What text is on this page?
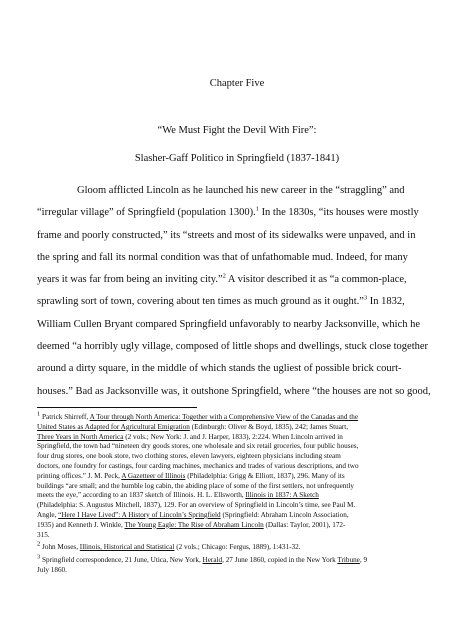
Chapter Five
“We Must Fight the Devil With Fire”:
Slasher-Gaff Politico in Springfield (1837-1841)
Gloom afflicted Lincoln as he launched his new career in the “straggling” and
“irregular village” of Springfield (population 1300).$^1$ In the 1830s, “its houses were mostly
frame and poorly constructed,” its “streets and most of its sidewalks were unpaved, and in
the spring and fall its normal condition was that of unfathomable mud. Indeed, for many
years it was far from being an inviting city.”$^2$ A visitor described it as “a common-place,
sprawling sort of town, covering about ten times as much ground as it ought.”$^3$ In 1832,
William Cullen Bryant compared Springfield unfavorably to nearby Jacksonville, which he
deemed “a horribly ugly village, composed of little shops and dwellings, stuck close together
around a dirty square, in the middle of which stands the ugliest of possible brick court-
houses.” Bad as Jacksonville was, it outshone Springfield, where “the houses are not so good,
$^1$ Patrick Shirreff, A Tour through North America: Together with a Comprehensive View of the Canadas and the
United States as Adapted for Agricultural Emigration (Edinburgh: Oliver & Boyd, 1835), 242; James Stuart,
Three Years in North America (2 vols.; New York: J. and J. Harper, 1833), 2:224. When Lincoln arrived in
Springfield, the town had “nineteen dry goods stores, one wholesale and six retail groceries, four public houses,
four drug stores, one book store, two clothing stores, eleven lawyers, eighteen physicians including steam
doctors, one foundry for castings, four carding machines, mechanics and trades of various descriptions, and two
printing offices.” J. M. Peck, A Gazetteer of Illinois (Philadelphia: Grigg & Elliott, 1837), 296. Many of its
buildings “are small; and the humble log cabin, the abiding place of some of the first settlers, not unfrequently
meets the eye,” according to an 1837 sketch of Illinois. H. L. Ellsworth, Illinois in 1837: A Sketch
(Philadelphia: S. Augustus Mitchell, 1837), 129. For an overview of Springfield in Lincoln’s time, see Paul M.
Angle, “Here I Have Lived”: A History of Lincoln’s Springfield (Springfield: Abraham Lincoln Association,
1935) and Kenneth J. Winkle, The Young Eagle: The Rise of Abraham Lincoln (Dallas: Taylor, 2001), 172-
315.
$^2$ John Moses, Illinois, Historical and Statistical (2 vols.; Chicago: Fergus, 1889), 1:431-32.
$^3$ Springfield correspondence, 21 June, Utica, New York, Herald, 27 June 1860, copied in the New York Tribune, 9
July 1860.
